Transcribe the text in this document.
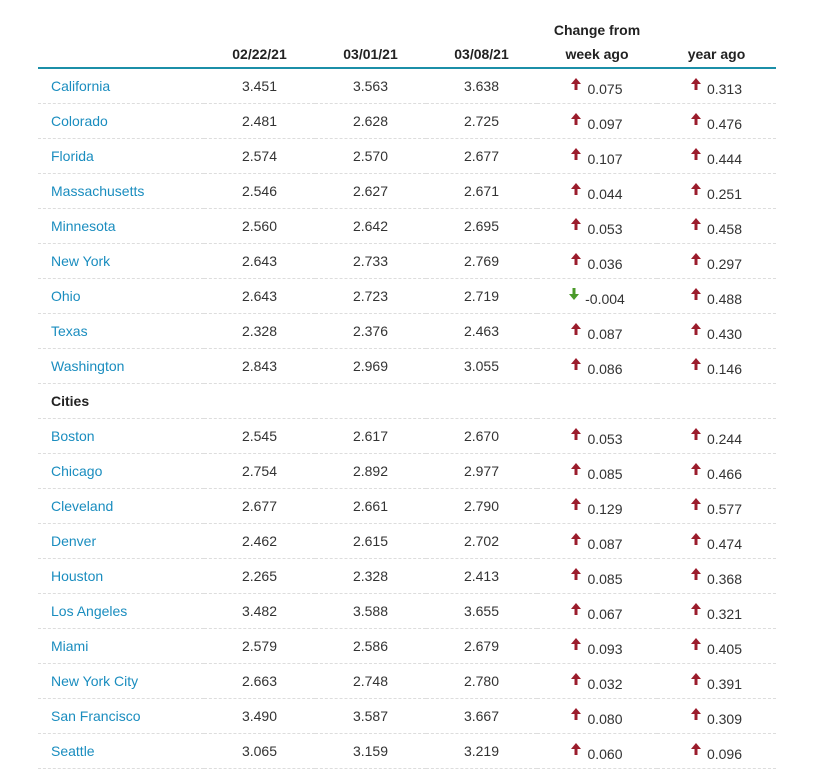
				Change from	
	02/22/21	03/01/21	03/08/21	week ago	year ago
California	3.451	3.563	3.638	0.075	0.313
Colorado	2.481	2.628	2.725	0.097	0.476
Florida	2.574	2.570	2.677	0.107	0.444
Massachusetts	2.546	2.627	2.671	0.044	0.251
Minnesota	2.560	2.642	2.695	0.053	0.458
New York	2.643	2.733	2.769	0.036	0.297
Ohio	2.643	2.723	2.719	-0.004	0.488
Texas	2.328	2.376	2.463	0.087	0.430
Washington	2.843	2.969	3.055	0.086	0.146
Cities					
Boston	2.545	2.617	2.670	0.053	0.244
Chicago	2.754	2.892	2.977	0.085	0.466
Cleveland	2.677	2.661	2.790	0.129	0.577
Denver	2.462	2.615	2.702	0.087	0.474
Houston	2.265	2.328	2.413	0.085	0.368
Los Angeles	3.482	3.588	3.655	0.067	0.321
Miami	2.579	2.586	2.679	0.093	0.405
New York City	2.663	2.748	2.780	0.032	0.391
San Francisco	3.490	3.587	3.667	0.080	0.309
Seattle	3.065	3.159	3.219	0.060	0.096
